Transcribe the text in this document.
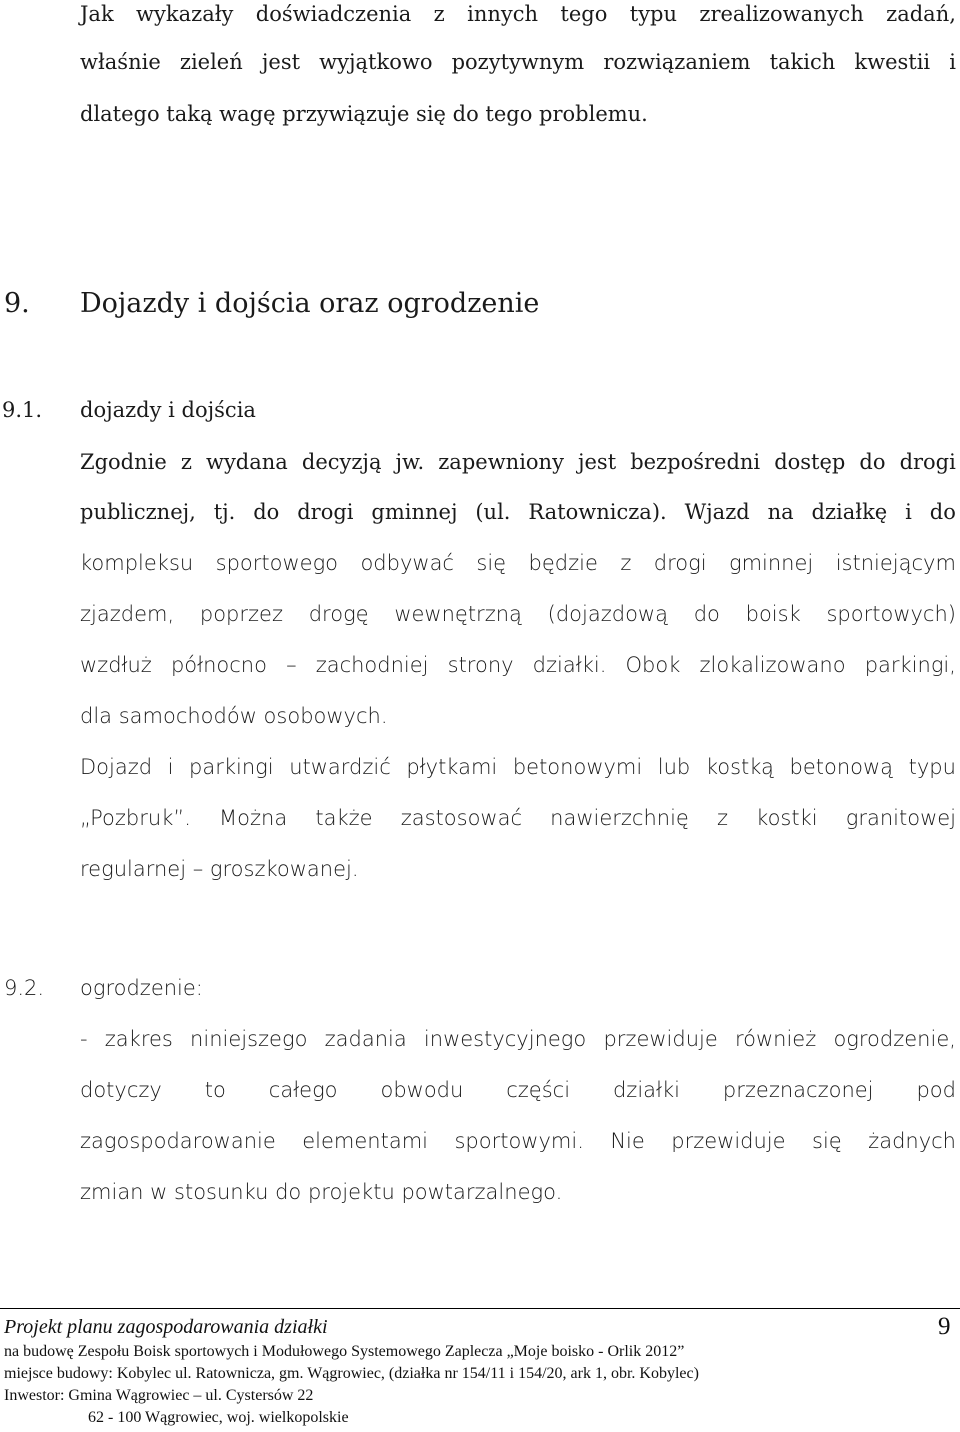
Jak wykazały doświadczenia z innych tego typu zrealizowanych zadań,

właśnie zieleń jest wyjątkowo pozytywnym rozwiązaniem takich kwestii i

dlatego taką wagę przywiązuje się do tego problemu.

9. Dojazdy i dojścia oraz ogrodzenie

9.1. dojazdy i dojścia

Zgodnie z wydana decyzją jw. zapewniony jest bezpośredni dostęp do drogi

publicznej, tj. do drogi gminnej (ul. Ratownicza). Wjazd na działkę i do

kompleksu sportowego odbywać się będzie z drogi gminnej istniejącym

zjazdem, poprzez drogę wewnętrzną (dojazdową do boisk sportowych)

wzdłuż północno – zachodniej strony działki. Obok zlokalizowano parkingi,

dla samochodów osobowych.

Dojazd i parkingi utwardzić płytkami betonowymi lub kostką betonową typu

„Pozbruk”. Można także zastosować nawierzchnię z kostki granitowej

regularnej – groszkowanej.

9.2. ogrodzenie:

- zakres niniejszego zadania inwestycyjnego przewiduje również ogrodzenie,

dotyczy to całego obwodu części działki przeznaczonej pod

zagospodarowanie elementami sportowymi. Nie przewiduje się żadnych

zmian w stosunku do projektu powtarzalnego.

Projekt planu zagospodarowania działki	9
na budowę Zespołu Boisk sportowych i Modułowego Systemowego Zaplecza „Moje boisko - Orlik 2012”
miejsce budowy: Kobylec ul. Ratownicza, gm. Wągrowiec, (działka nr 154/11 i 154/20, ark 1, obr. Kobylec)
Inwestor: Gmina Wągrowiec – ul. Cystersów 22
62 - 100 Wągrowiec, woj. wielkopolskie
